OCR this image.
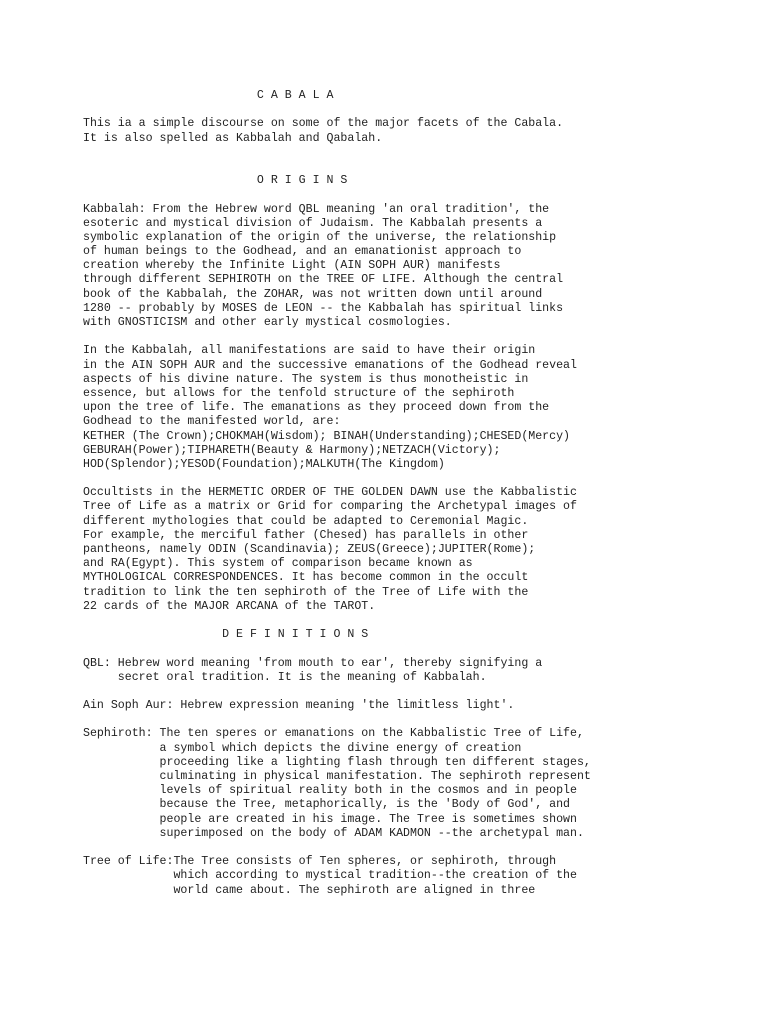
C A B A L A
This ia a simple discourse on some of the major facets of the Cabala.
It is also spelled as Kabbalah and Qabalah.
O R I G I N S
Kabbalah: From the Hebrew word QBL meaning 'an oral tradition', the
esoteric and mystical division of Judaism. The Kabbalah presents a
symbolic explanation of the origin of the universe, the relationship
of human beings to the Godhead, and an emanationist approach to
creation whereby the Infinite Light (AIN SOPH AUR) manifests
through different SEPHIROTH on the TREE OF LIFE. Although the central
book of the Kabbalah, the ZOHAR, was not written down until around
1280 -- probably by MOSES de LEON -- the Kabbalah has spiritual links
with GNOSTICISM and other early mystical cosmologies.
In the Kabbalah, all manifestations are said to have their origin
in the AIN SOPH AUR and the successive emanations of the Godhead reveal
aspects of his divine nature. The system is thus monotheistic in
essence, but allows for the tenfold structure of the sephiroth
upon the tree of life. The emanations as they proceed down from the
Godhead to the manifested world, are:
KETHER (The Crown);CHOKMAH(Wisdom); BINAH(Understanding);CHESED(Mercy)
GEBURAH(Power);TIPHARETH(Beauty & Harmony);NETZACH(Victory);
HOD(Splendor);YESOD(Foundation);MALKUTH(The Kingdom)
Occultists in the HERMETIC ORDER OF THE GOLDEN DAWN use the Kabbalistic
Tree of Life as a matrix or Grid for comparing the Archetypal images of
different mythologies that could be adapted to Ceremonial Magic.
For example, the merciful father (Chesed) has parallels in other
pantheons, namely ODIN (Scandinavia); ZEUS(Greece);JUPITER(Rome);
and RA(Egypt). This system of comparison became known as
MYTHOLOGICAL CORRESPONDENCES. It has become common in the occult
tradition to link the ten sephiroth of the Tree of Life with the
22 cards of the MAJOR ARCANA of the TAROT.
D E F I N I T I O N S
QBL: Hebrew word meaning 'from mouth to ear', thereby signifying a
secret oral tradition. It is the meaning of Kabbalah.
Ain Soph Aur: Hebrew expression meaning 'the limitless light'.
Sephiroth: The ten speres or emanations on the Kabbalistic Tree of Life,
a symbol which depicts the divine energy of creation
proceeding like a lighting flash through ten different stages,
culminating in physical manifestation. The sephiroth represent
levels of spiritual reality both in the cosmos and in people
because the Tree, metaphorically, is the 'Body of God', and
people are created in his image. The Tree is sometimes shown
superimposed on the body of ADAM KADMON --the archetypal man.
Tree of Life:The Tree consists of Ten spheres, or sephiroth, through
which according to mystical tradition--the creation of the
world came about. The sephiroth are aligned in three
